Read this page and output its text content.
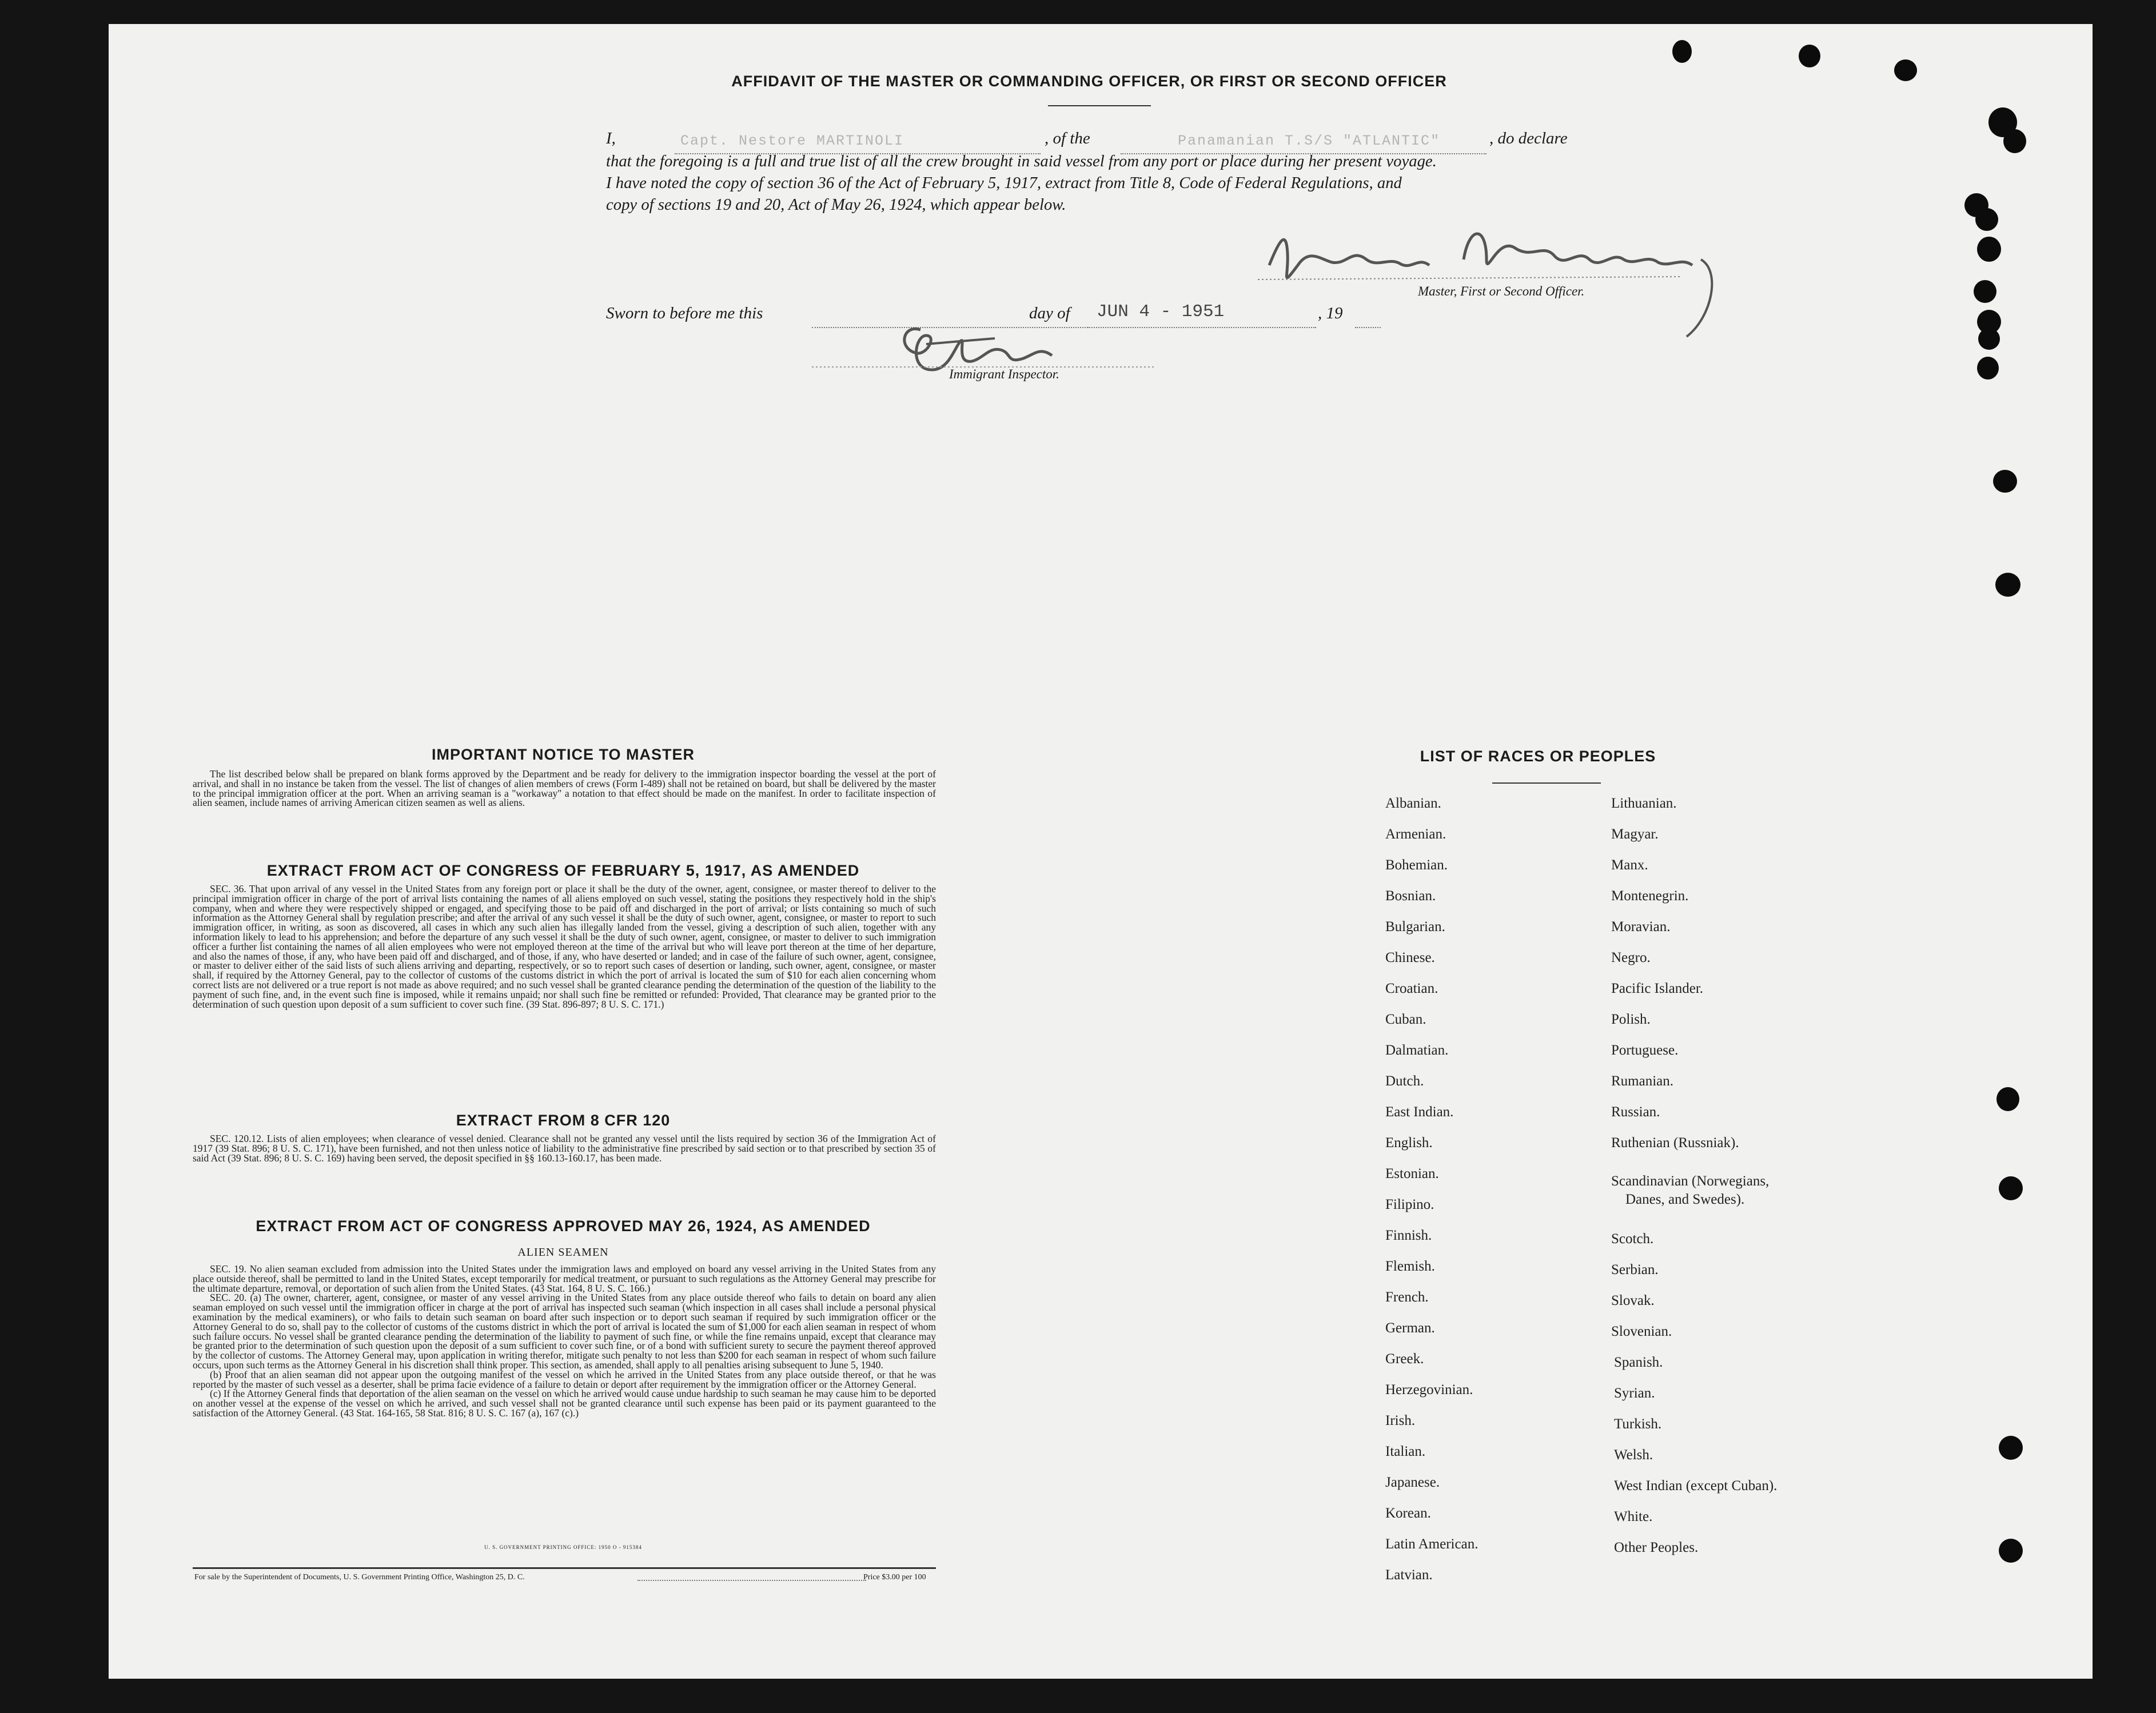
AFFIDAVIT OF THE MASTER OR COMMANDING OFFICER, OR FIRST OR SECOND OFFICER
I,	Capt. Nestore MARTINOLI	, of the	Panamanian T.S/S "ATLANTIC"	, do declare
that the foregoing is a full and true list of all the crew brought in said vessel from any port or place during her present voyage.
I have noted the copy of section 36 of the Act of February 5, 1917, extract from Title 8, Code of Federal Regulations, and
copy of sections 19 and 20, Act of May 26, 1924, which appear below.
Master, First or Second Officer.
Sworn to before me this	day of JUN 4 - 1951	, 19
Immigrant Inspector.
IMPORTANT NOTICE TO MASTER

The list described below shall be prepared on blank forms approved by the Department and be ready for delivery to the immigration inspector boarding the vessel at the port of arrival, and shall in no instance be taken from the vessel. The list of changes of alien members of crews (Form I-489) shall not be retained on board, but shall be delivered by the master to the principal immigration officer at the port. When an arriving seaman is a "workaway" a notation to that effect should be made on the manifest. In order to facilitate inspection of alien seamen, include names of arriving American citizen seamen as well as aliens.

EXTRACT FROM ACT OF CONGRESS OF FEBRUARY 5, 1917, AS AMENDED

SEC. 36. That upon arrival of any vessel in the United States from any foreign port or place it shall be the duty of the owner, agent, consignee, or master thereof to deliver to the principal immigration officer in charge of the port of arrival lists containing the names of all aliens employed on such vessel, stating the positions they respectively hold in the ship's company, when and where they were respectively shipped or engaged, and specifying those to be paid off and discharged in the port of arrival; or lists containing so much of such information as the Attorney General shall by regulation prescribe; and after the arrival of any such vessel it shall be the duty of such owner, agent, consignee, or master to report to such immigration officer, in writing, as soon as discovered, all cases in which any such alien has illegally landed from the vessel, giving a description of such alien, together with any information likely to lead to his apprehension; and before the departure of any such vessel it shall be the duty of such owner, agent, consignee, or master to deliver to such immigration officer a further list containing the names of all alien employees who were not employed thereon at the time of the arrival but who will leave port thereon at the time of her departure, and also the names of those, if any, who have been paid off and discharged, and of those, if any, who have deserted or landed; and in case of the failure of such owner, agent, consignee, or master to deliver either of the said lists of such aliens arriving and departing, respectively, or so to report such cases of desertion or landing, such owner, agent, consignee, or master shall, if required by the Attorney General, pay to the collector of customs of the customs district in which the port of arrival is located the sum of $10 for each alien concerning whom correct lists are not delivered or a true report is not made as above required; and no such vessel shall be granted clearance pending the determination of the question of the liability to the payment of such fine, and, in the event such fine is imposed, while it remains unpaid; nor shall such fine be remitted or refunded: Provided, That clearance may be granted prior to the determination of such question upon deposit of a sum sufficient to cover such fine. (39 Stat. 896-897; 8 U. S. C. 171.)

EXTRACT FROM 8 CFR 120

SEC. 120.12. Lists of alien employees; when clearance of vessel denied. Clearance shall not be granted any vessel until the lists required by section 36 of the Immigration Act of 1917 (39 Stat. 896; 8 U. S. C. 171), have been furnished, and not then unless notice of liability to the administrative fine prescribed by said section or to that prescribed by section 35 of said Act (39 Stat. 896; 8 U. S. C. 169) having been served, the deposit specified in §§ 160.13-160.17, has been made.

EXTRACT FROM ACT OF CONGRESS APPROVED MAY 26, 1924, AS AMENDED
ALIEN SEAMEN

SEC. 19. No alien seaman excluded from admission into the United States under the immigration laws and employed on board any vessel arriving in the United States from any place outside thereof, shall be permitted to land in the United States, except temporarily for medical treatment, or pursuant to such regulations as the Attorney General may prescribe for the ultimate departure, removal, or deportation of such alien from the United States. (43 Stat. 164, 8 U. S. C. 166.)

SEC. 20. (a) The owner, charterer, agent, consignee, or master of any vessel arriving in the United States from any place outside thereof who fails to detain on board any alien seaman employed on such vessel until the immigration officer in charge at the port of arrival has inspected such seaman (which inspection in all cases shall include a personal physical examination by the medical examiners), or who fails to detain such seaman on board after such inspection or to deport such seaman if required by such immigration officer or the Attorney General to do so, shall pay to the collector of customs of the customs district in which the port of arrival is located the sum of $1,000 for each alien seaman in respect of whom such failure occurs. No vessel shall be granted clearance pending the determination of the liability to payment of such fine, or while the fine remains unpaid, except that clearance may be granted prior to the determination of such question upon the deposit of a sum sufficient to cover such fine, or of a bond with sufficient surety to secure the payment thereof approved by the collector of customs. The Attorney General may, upon application in writing therefor, mitigate such penalty to not less than $200 for each seaman in respect of whom such failure occurs, upon such terms as the Attorney General in his discretion shall think proper. This section, as amended, shall apply to all penalties arising subsequent to June 5, 1940.

(b) Proof that an alien seaman did not appear upon the outgoing manifest of the vessel on which he arrived in the United States from any place outside thereof, or that he was reported by the master of such vessel as a deserter, shall be prima facie evidence of a failure to detain or deport after requirement by the immigration officer or the Attorney General.

(c) If the Attorney General finds that deportation of the alien seaman on the vessel on which he arrived would cause undue hardship to such seaman he may cause him to be deported on another vessel at the expense of the vessel on which he arrived, and such vessel shall not be granted clearance until such expense has been paid or its payment guaranteed to the satisfaction of the Attorney General. (43 Stat. 164-165, 58 Stat. 816; 8 U. S. C. 167 (a), 167 (c).)

U. S. GOVERNMENT PRINTING OFFICE: 1950 O - 915384
For sale by the Superintendent of Documents, U. S. Government Printing Office, Washington 25, D. C.	Price $3.00 per 100
LIST OF RACES OR PEOPLES
Albanian.
Armenian.
Bohemian.
Bosnian.
Bulgarian.
Chinese.
Croatian.
Cuban.
Dalmatian.
Dutch.
East Indian.
English.
Estonian.
Filipino.
Finnish.
Flemish.
French.
German.
Greek.
Herzegovinian.
Irish.
Italian.
Japanese.
Korean.
Latin American.
Latvian.
Lithuanian.
Magyar.
Manx.
Montenegrin.
Moravian.
Negro.
Pacific Islander.
Polish.
Portuguese.
Rumanian.
Russian.
Ruthenian (Russniak).
Scandinavian (Norwegians,
Danes, and Swedes).
Scotch.
Serbian.
Slovak.
Slovenian.
Spanish.
Syrian.
Turkish.
Welsh.
West Indian (except Cuban).
White.
Other Peoples.
